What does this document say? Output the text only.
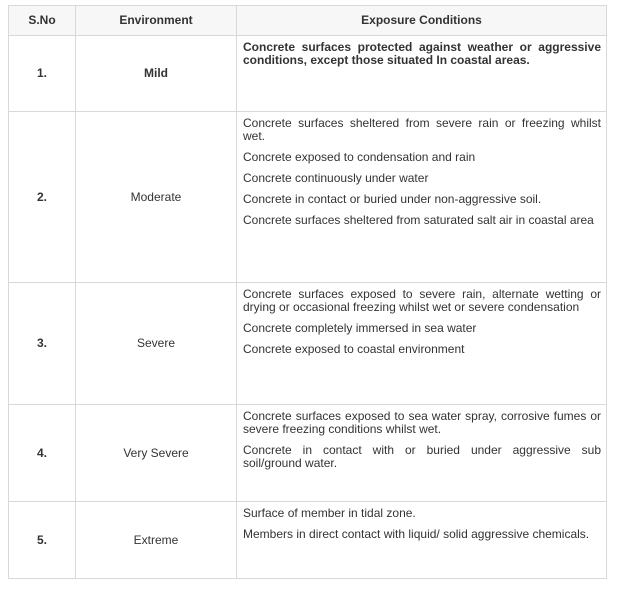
S.No	Environment	Exposure Conditions
1.	Mild	Concrete surfaces protected against weather or aggressive conditions, except those situated In coastal areas.

2.	Moderate	Concrete surfaces sheltered from severe rain or freezing whilst wet.

Concrete exposed to condensation and rain

Concrete continuously under water

Concrete in contact or buried under non-aggressive soil.

Concrete surfaces sheltered from saturated salt air in coastal area

3.	Severe	Concrete surfaces exposed to severe rain, alternate wetting or drying or occasional freezing whilst wet or severe condensation

Concrete completely immersed in sea water

Concrete exposed to coastal environment

4.	Very Severe	Concrete surfaces exposed to sea water spray, corrosive fumes or severe freezing conditions whilst wet.

Concrete in contact with or buried under aggressive sub soil/ground water.

5.	Extreme	Surface of member in tidal zone.

Members in direct contact with liquid/ solid aggressive chemicals.
